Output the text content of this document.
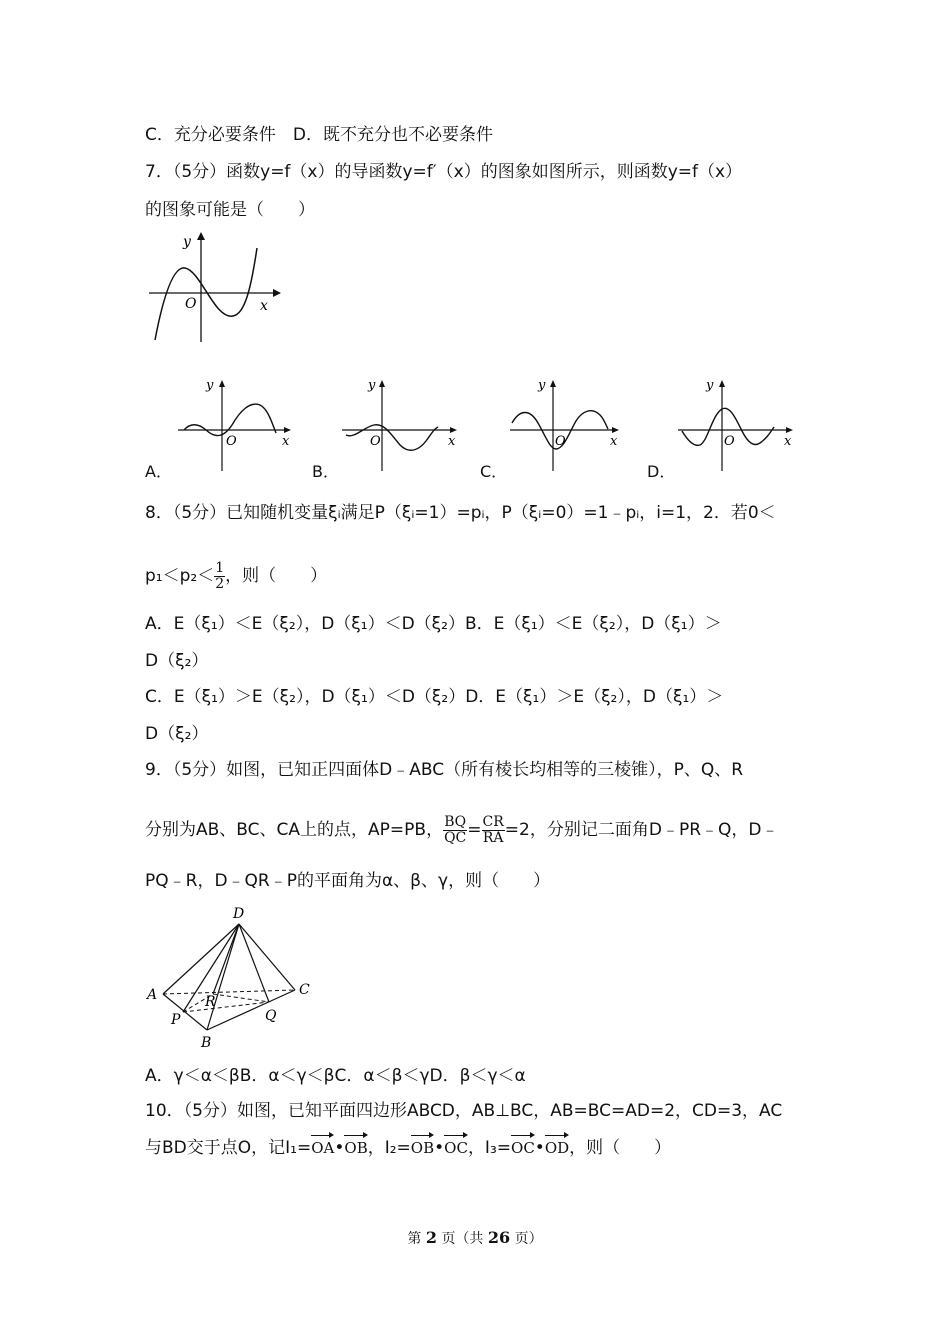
C．充分必要条件　D．既不充分也不必要条件
7．（5分）函数y=f（x）的导函数y=f′（x）的图象如图所示，则函数y=f（x）
的图象可能是（　　）
y
O	x
A．
y
O	x
B．
y
O	x
C．
y
O	x
D．
y
O	x
8．（5分）已知随机变量ξᵢ满足P（ξᵢ=1）=pᵢ，P（ξᵢ=0）=1﹣pᵢ，i=1，2．若0＜
$p_1<p_2< \frac{1}{2}$ ，则（　　）
A．E（ξ₁）＜E（ξ₂），D（ξ₁）＜D（ξ₂）B．E（ξ₁）＜E（ξ₂），D（ξ₁）＞
D（ξ₂）
C．E（ξ₁）＞E（ξ₂），D（ξ₁）＜D（ξ₂）D．E（ξ₁）＞E（ξ₂），D（ξ₁）＞
D（ξ₂）
9．（5分）如图，已知正四面体D﹣ABC（所有棱长均相等的三棱锥），P、Q、R
分别为AB、BC、CA上的点，AP=PB， $\frac{BQ}{QC} = \frac{CR}{RA} =2$，分别记二面角D﹣PR﹣Q，D﹣
PQ﹣R，D﹣QR﹣P的平面角为α、β、γ，则（　　）
D
A	C
R
P	Q
B
A．γ＜α＜βB．α＜γ＜βC．α＜β＜γD．β＜γ＜α
10．（5分）如图，已知平面四边形ABCD，AB⊥BC，AB=BC=AD=2，CD=3，AC
与BD交于点O，记I₁=OA•OB，I₂=OB•OC，I₃=OC•OD，则（　　）
第 2 页（共 26 页）
